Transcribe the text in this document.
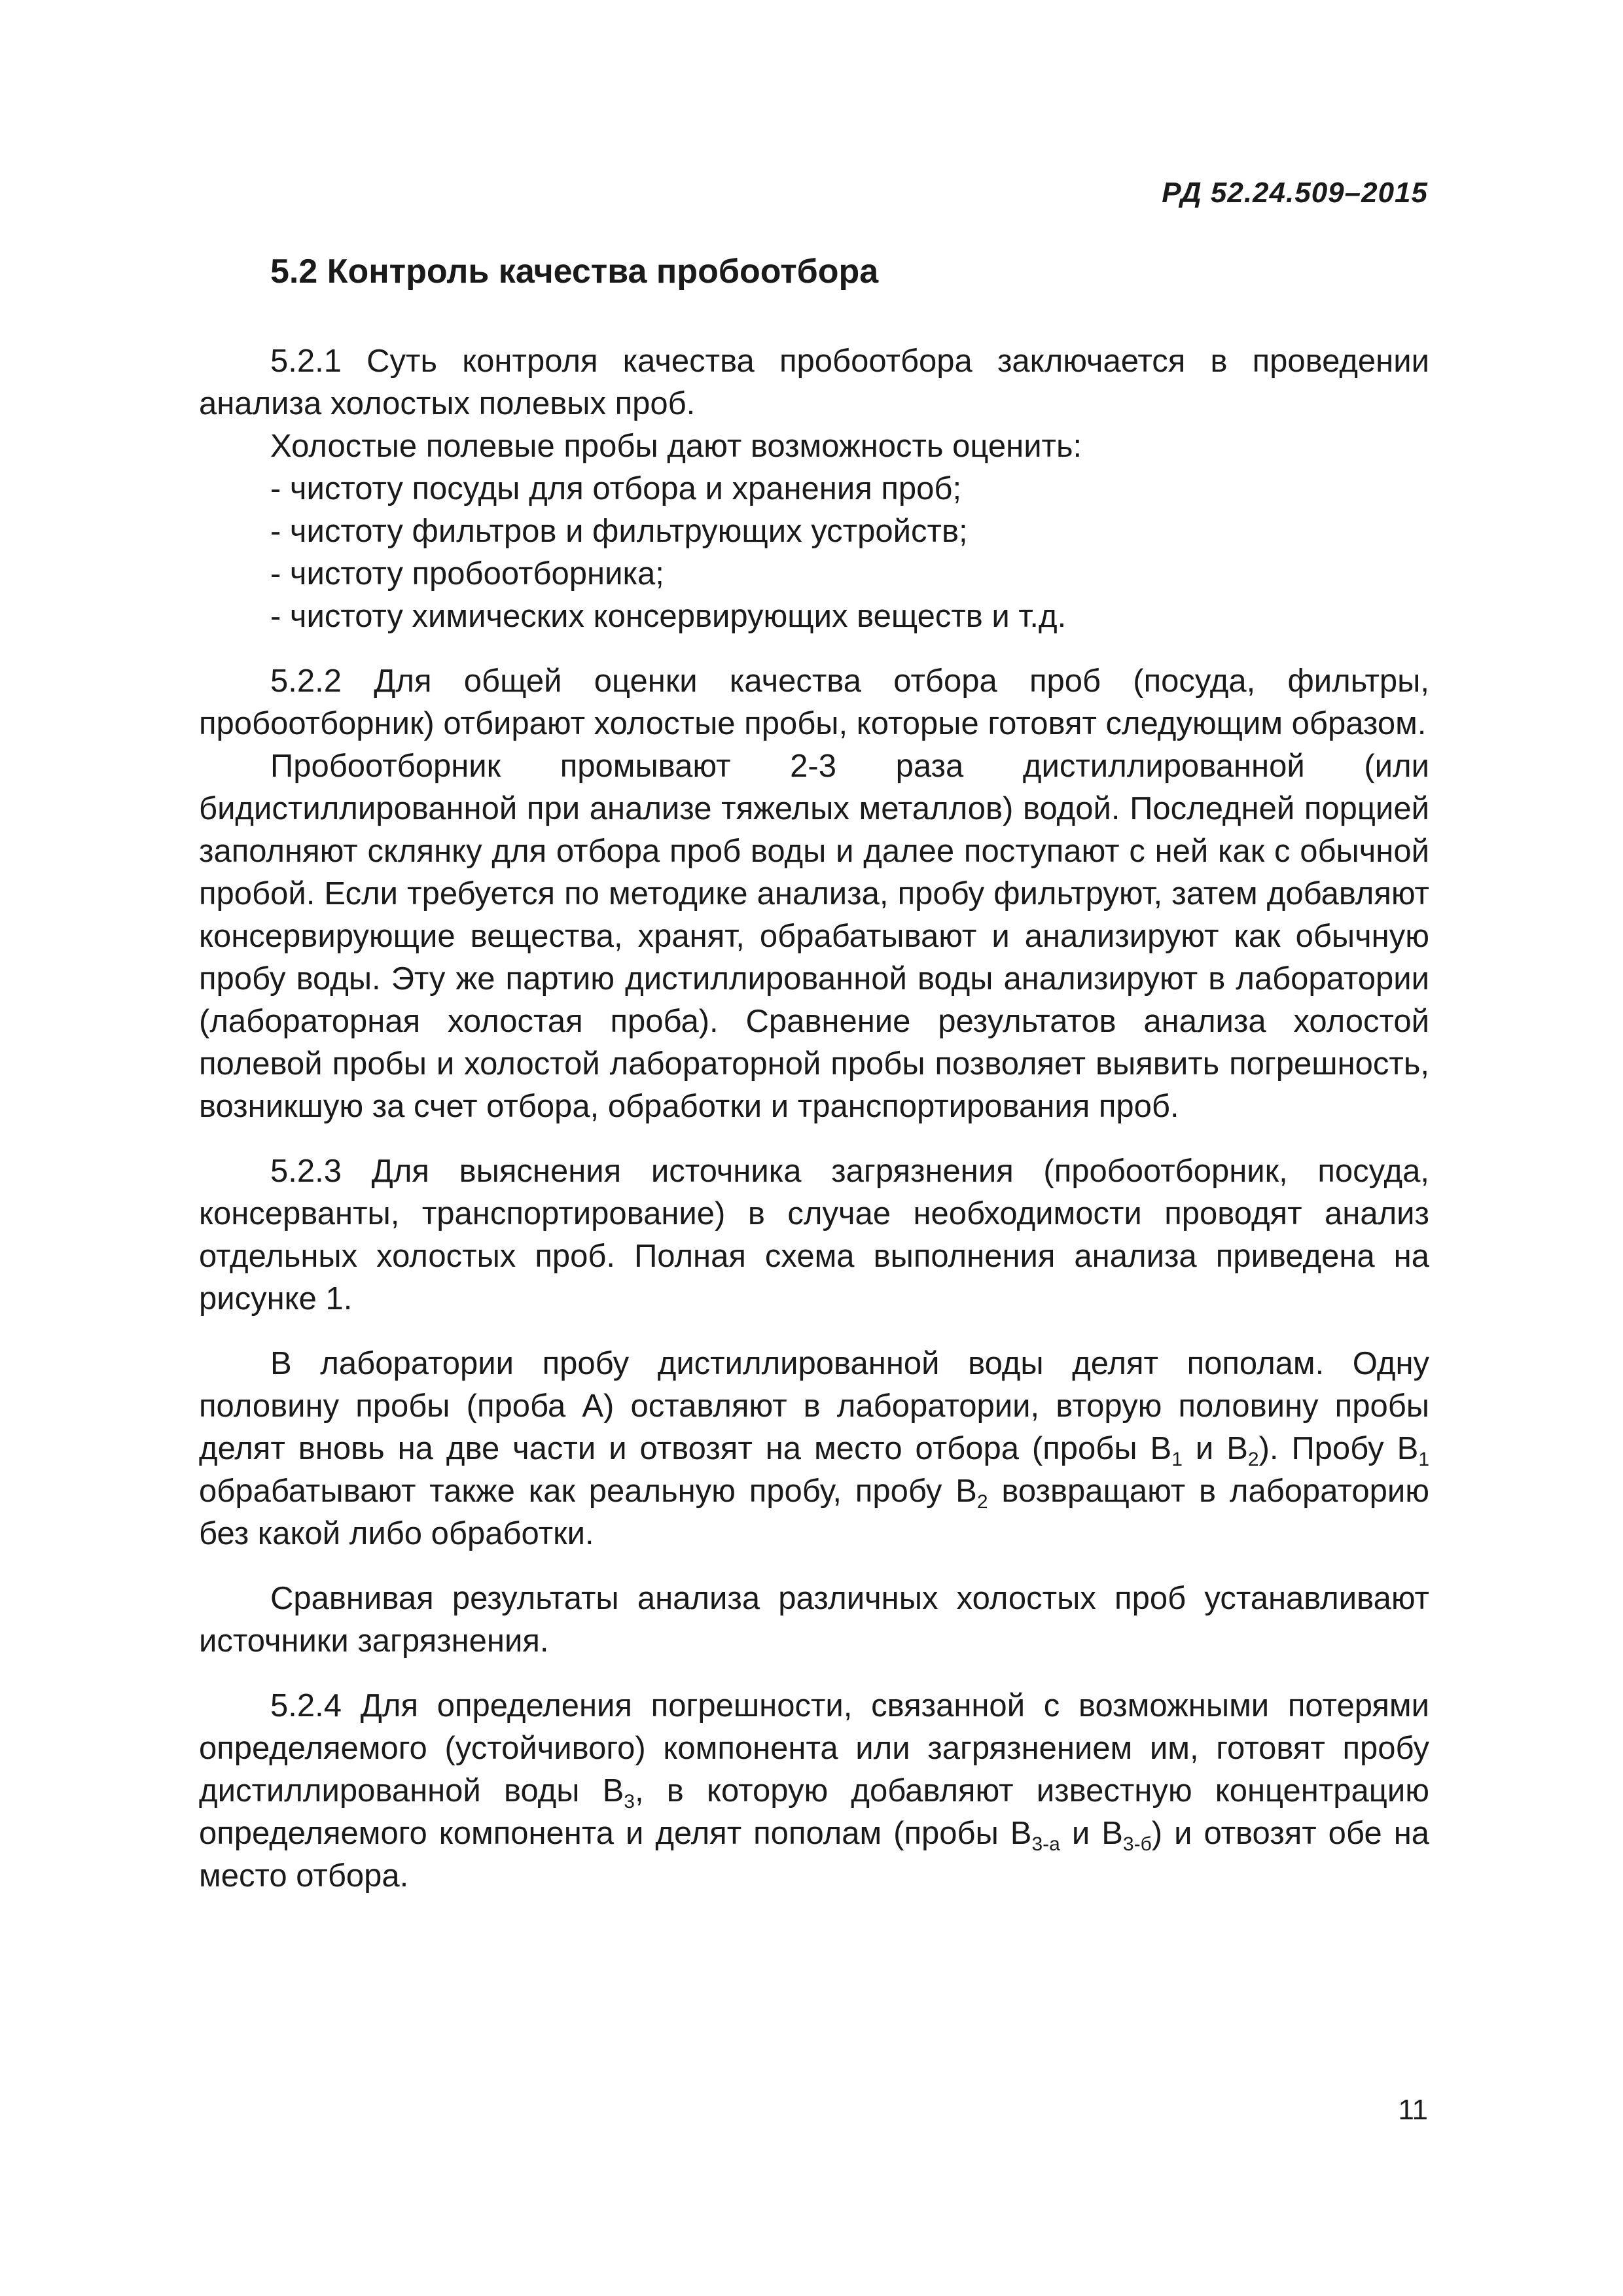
РД 52.24.509–2015
5.2 Контроль качества пробоотбора

5.2.1 Суть контроля качества пробоотбора заключается в проведении анализа холостых полевых проб.

Холостые полевые пробы дают возможность оценить:

- чистоту посуды для отбора и хранения проб;

- чистоту фильтров и фильтрующих устройств;

- чистоту пробоотборника;

- чистоту химических консервирующих веществ и т.д.

5.2.2 Для общей оценки качества отбора проб (посуда, фильтры, пробоотборник) отбирают холостые пробы, которые готовят следующим образом.

Пробоотборник промывают 2-3 раза дистиллированной (или бидистиллированной при анализе тяжелых металлов) водой. Последней порцией заполняют склянку для отбора проб воды и далее поступают с ней как с обычной пробой. Если требуется по методике анализа, пробу фильтруют, затем добавляют консервирующие вещества, хранят, обрабатывают и анализируют как обычную пробу воды. Эту же партию дистиллированной воды анализируют в лаборатории (лабораторная холостая проба). Сравнение результатов анализа холостой полевой пробы и холостой лабораторной пробы позволяет выявить погрешность, возникшую за счет отбора, обработки и транспортирования проб.

5.2.3 Для выяснения источника загрязнения (пробоотборник, посуда, консерванты, транспортирование) в случае необходимости проводят анализ отдельных холостых проб. Полная схема выполнения анализа приведена на рисунке 1.

В лаборатории пробу дистиллированной воды делят пополам. Одну половину пробы (проба А) оставляют в лаборатории, вторую половину пробы делят вновь на две части и отвозят на место отбора (пробы $В_1$ и $В_2$). Пробу $В_1$ обрабатывают также как реальную пробу, пробу $В_2$ возвращают в лабораторию без какой либо обработки.

Сравнивая результаты анализа различных холостых проб устанавливают источники загрязнения.

5.2.4 Для определения погрешности, связанной с возможными потерями определяемого (устойчивого) компонента или загрязнением им, готовят пробу дистиллированной воды $В_3$, в которую добавляют известную концентрацию определяемого компонента и делят пополам (пробы $В_{3-а}$ и $В_{3-б}$) и отвозят обе на место отбора.

11
